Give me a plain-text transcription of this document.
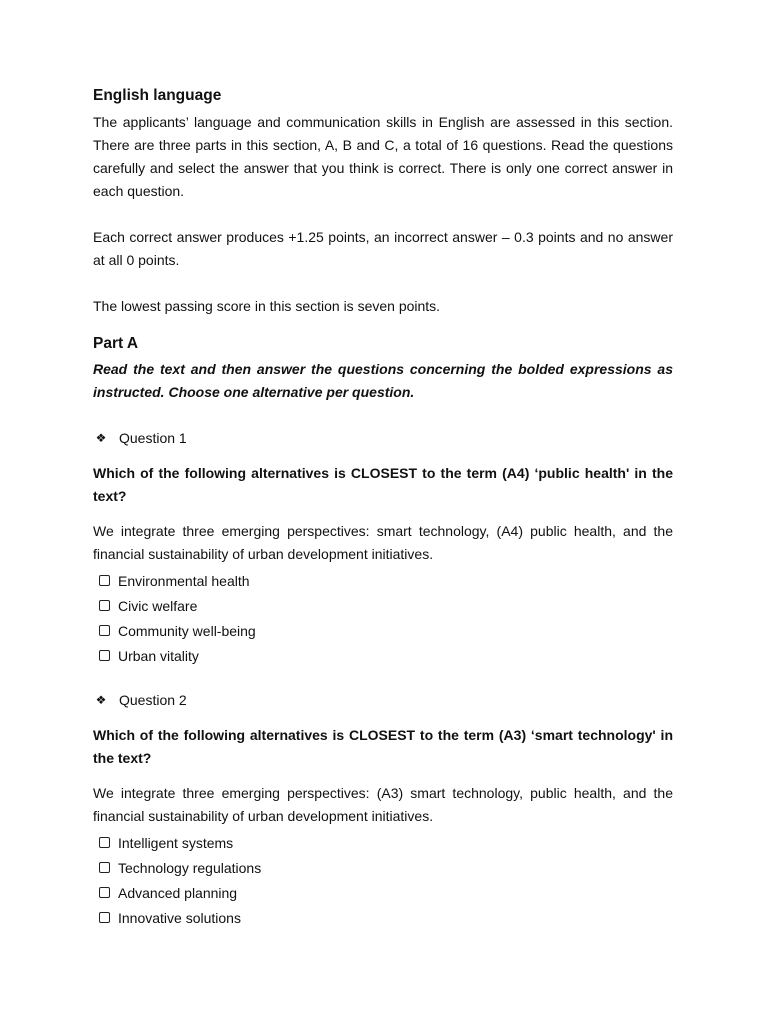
English language

The applicants’ language and communication skills in English are assessed in this section. There are three parts in this section, A, B and C, a total of 16 questions. Read the questions carefully and select the answer that you think is correct. There is only one correct answer in each question.

Each correct answer produces +1.25 points, an incorrect answer – 0.3 points and no answer at all 0 points.

The lowest passing score in this section is seven points.

Part A

Read the text and then answer the questions concerning the bolded expressions as instructed. Choose one alternative per question.

❖ Question 1

Which of the following alternatives is CLOSEST to the term (A4) ‘public health' in the text?

We integrate three emerging perspectives: smart technology, (A4) public health, and the financial sustainability of urban development initiatives.

Environmental health
Civic welfare
Community well-being
Urban vitality
❖ Question 2

Which of the following alternatives is CLOSEST to the term (A3) ‘smart technology' in the text?

We integrate three emerging perspectives: (A3) smart technology, public health, and the financial sustainability of urban development initiatives.

Intelligent systems
Technology regulations
Advanced planning
Innovative solutions
